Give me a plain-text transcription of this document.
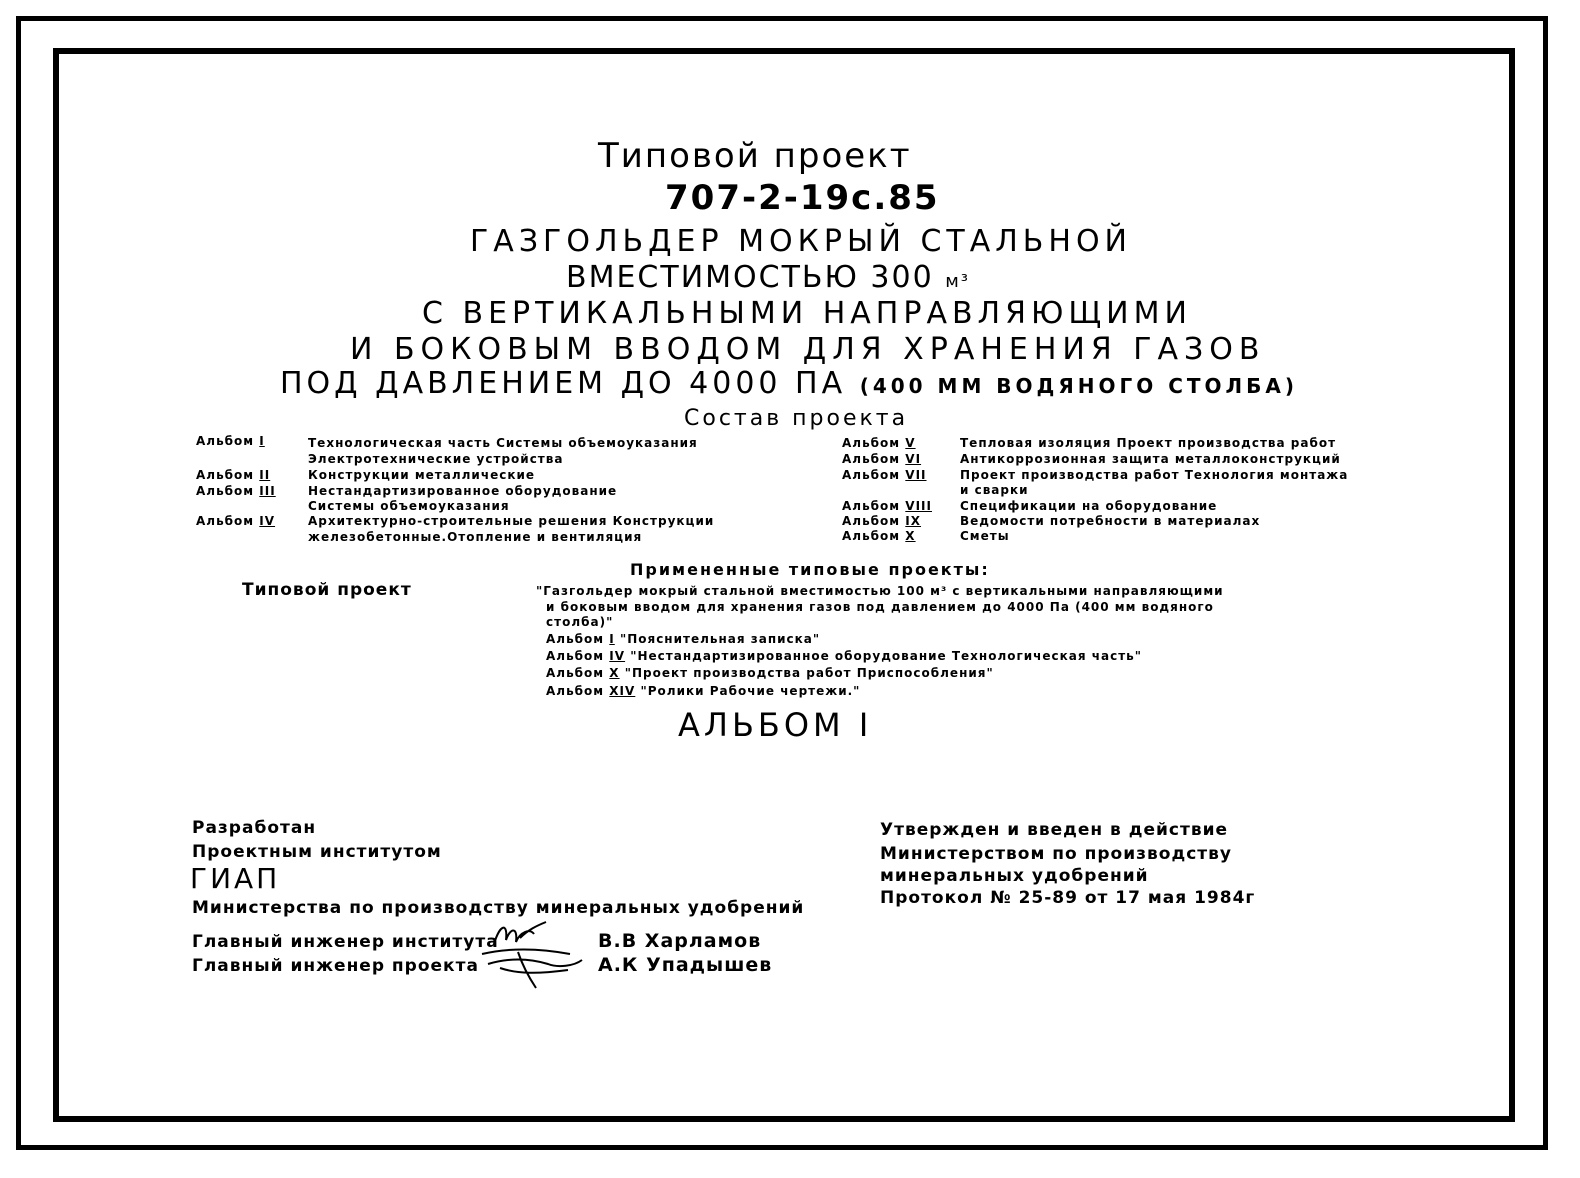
Типовой проект
707-2-19с.85
ГАЗГОЛЬДЕР МОКРЫЙ СТАЛЬНОЙ
ВМЕСТИМОСТЬЮ 300 м³
С ВЕРТИКАЛЬНЫМИ НАПРАВЛЯЮЩИМИ
И БОКОВЫМ ВВОДОМ ДЛЯ ХРАНЕНИЯ ГАЗОВ
ПОД ДАВЛЕНИЕМ ДО 4000 ПА (400 ММ ВОДЯНОГО СТОЛБА)
Состав проекта
Альбом I	Технологическая часть Системы объемоуказания
Электротехнические устройства
Альбом II	Конструкции металлические
Альбом III	Нестандартизированное оборудование
Системы объемоуказания
Альбом IV	Архитектурно-строительные решения Конструкции
железобетонные.Отопление и вентиляция
Альбом V	Тепловая изоляция Проект производства работ
Альбом VI	Антикоррозионная защита металлоконструкций
Альбом VII	Проект производства работ Технология монтажа
и сварки
Альбом VIII Спецификации на оборудование
Альбом IX	Ведомости потребности в материалах
Альбом X	Сметы
Примененные типовые проекты:
Типовой проект	"Газгольдер мокрый стальной вместимостью 100 м³ с вертикальными направляющими
и боковым вводом для хранения газов под давлением до 4000 Па (400 мм водяного
столба)"
Альбом I "Пояснительная записка"
Альбом IV "Нестандартизированное оборудование Технологическая часть"
Альбом X "Проект производства работ Приспособления"
Альбом XIV "Ролики Рабочие чертежи."
АЛЬБОМ I
Разработан
Проектным институтом
ГИАП
Министерства по производству минеральных удобрений
Главный инженер института	В.В Харламов
Главный инженер проекта	А.К Упадышев
Утвержден и введен в действие
Министерством по производству
минеральных удобрений
Протокол № 25-89 от 17 мая 1984г
